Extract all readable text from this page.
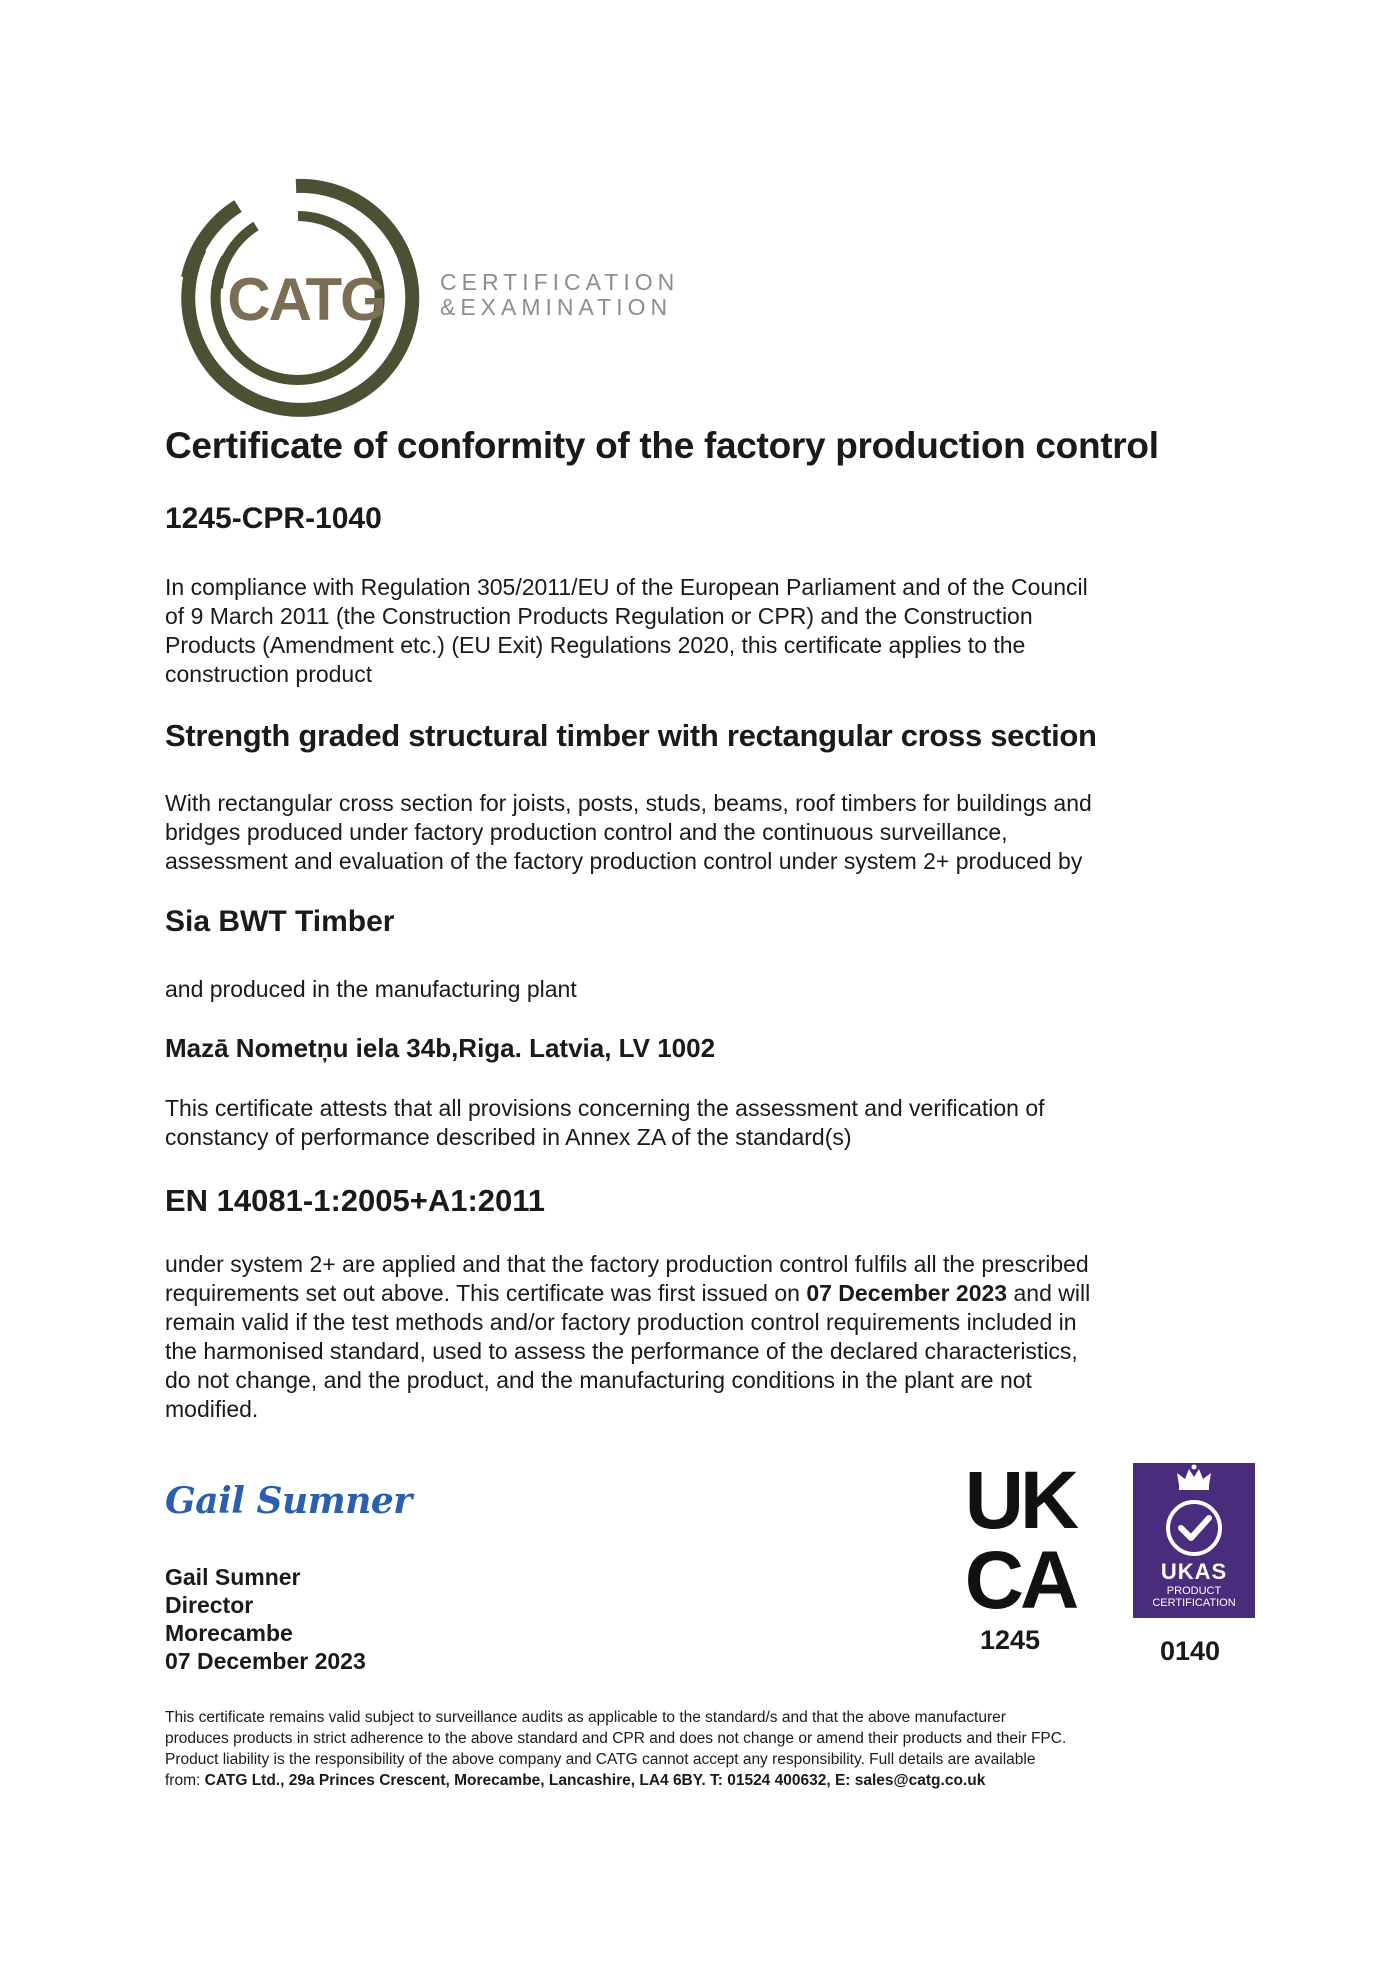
CATG CERTIFICATION
&EXAMINATION
Certificate of conformity of the factory production control
1245-CPR-1040
In compliance with Regulation 305/2011/EU of the European Parliament and of the Council
of 9 March 2011 (the Construction Products Regulation or CPR) and the Construction
Products (Amendment etc.) (EU Exit) Regulations 2020, this certificate applies to the
construction product
Strength graded structural timber with rectangular cross section
With rectangular cross section for joists, posts, studs, beams, roof timbers for buildings and
bridges produced under factory production control and the continuous surveillance,
assessment and evaluation of the factory production control under system 2+ produced by
Sia BWT Timber
and produced in the manufacturing plant
Mazā Nometņu iela 34b,Riga. Latvia, LV 1002
This certificate attests that all provisions concerning the assessment and verification of
constancy of performance described in Annex ZA of the standard(s)
EN 14081-1:2005+A1:2011
under system 2+ are applied and that the factory production control fulfils all the prescribed
requirements set out above. This certificate was first issued on 07 December 2023 and will
remain valid if the test methods and/or factory production control requirements included in
the harmonised standard, used to assess the performance of the declared characteristics,
do not change, and the product, and the manufacturing conditions in the plant are not
modified.
Gail Sumner
Gail Sumner
Director
Morecambe
07 December 2023
UK
CA
1245
UKAS
PRODUCT
CERTIFICATION
0140
This certificate remains valid subject to surveillance audits as applicable to the standard/s and that the above manufacturer
produces products in strict adherence to the above standard and CPR and does not change or amend their products and their FPC.
Product liability is the responsibility of the above company and CATG cannot accept any responsibility. Full details are available
from: CATG Ltd., 29a Princes Crescent, Morecambe, Lancashire, LA4 6BY. T: 01524 400632, E: sales@catg.co.uk
